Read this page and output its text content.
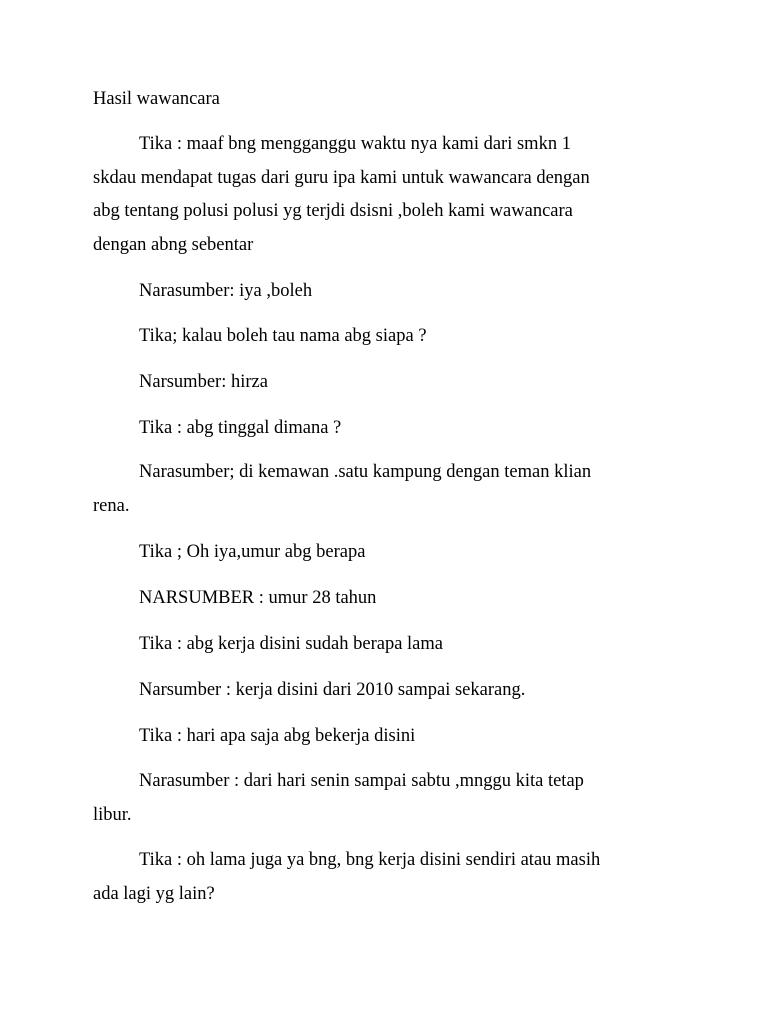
Hasil wawancara

Tika : maaf bng mengganggu waktu nya kami dari smkn 1
skdau mendapat tugas dari guru ipa kami untuk wawancara dengan
abg tentang polusi polusi yg terjdi dsisni ,boleh kami wawancara
dengan abng sebentar

Narasumber: iya ,boleh

Tika; kalau boleh tau nama abg siapa ?

Narsumber: hirza

Tika : abg tinggal dimana ?

Narasumber; di kemawan .satu kampung dengan teman klian
rena.

Tika ; Oh iya,umur abg berapa

NARSUMBER : umur 28 tahun

Tika : abg kerja disini sudah berapa lama

Narsumber : kerja disini dari 2010 sampai sekarang.

Tika : hari apa saja abg bekerja disini

Narasumber : dari hari senin sampai sabtu ,mnggu kita tetap
libur.

Tika : oh lama juga ya bng, bng kerja disini sendiri atau masih
ada lagi yg lain?
